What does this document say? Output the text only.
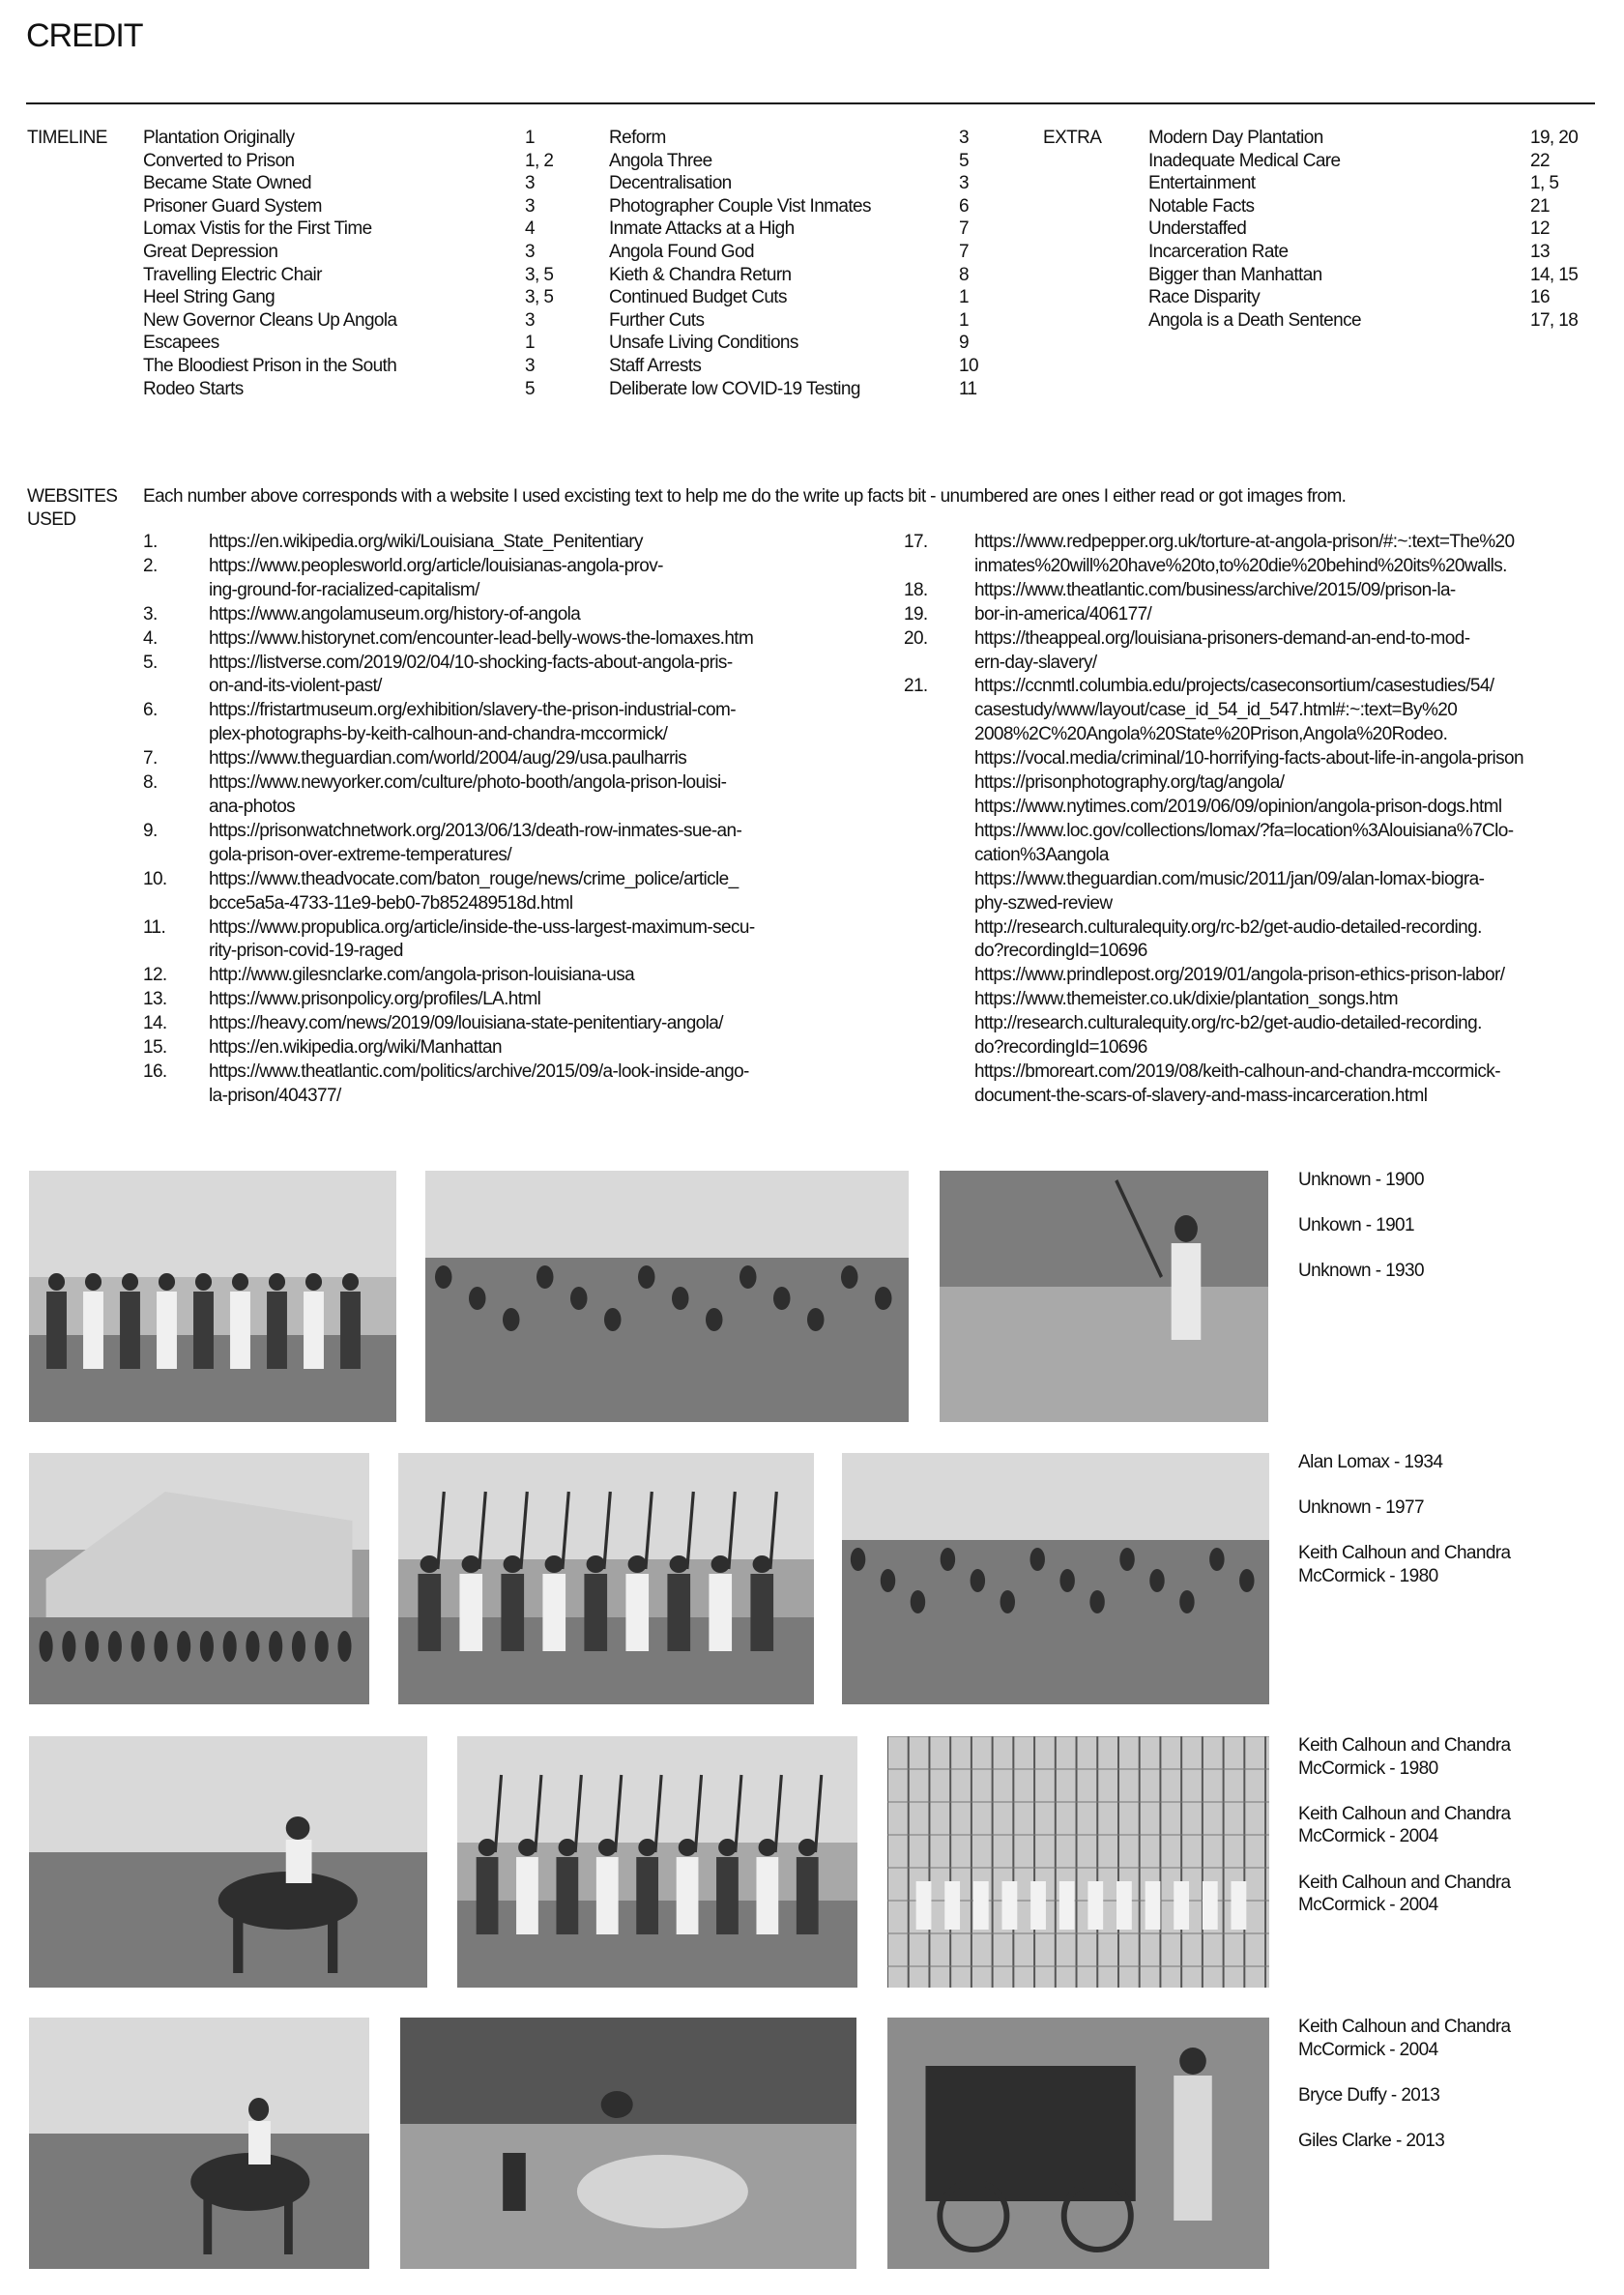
CREDIT
TIMELINE Plantation Originally	1
Converted to Prison	1, 2
Became State Owned	3
Prisoner Guard System	3
Lomax Vistis for the First Time	4
Great Depression	3
Travelling Electric Chair	3, 5
Heel String Gang	3, 5
New Governor Cleans Up Angola	3
Escapees	1
The Bloodiest Prison in the South	3
Rodeo Starts	5
Reform	3
Angola Three	5
Decentralisation	3
Photographer Couple Vist Inmates	6
Inmate Attacks at a High	7
Angola Found God	7
Kieth & Chandra Return	8
Continued Budget Cuts	1
Further Cuts	1
Unsafe Living Conditions	9
Staff Arrests	10
Deliberate low COVID-19 Testing	11
EXTRA	Modern Day Plantation	19, 20
Inadequate Medical Care	22
Entertainment	1, 5
Notable Facts	21
Understaffed	12
Incarceration Rate	13
Bigger than Manhattan	14, 15
Race Disparity	16
Angola is a Death Sentence	17, 18
WEBSITES
USED
Each number above corresponds with a website I used excisting text to help me do the write up facts bit - unumbered are ones I either read or got images from.
1.	https://en.wikipedia.org/wiki/Louisiana_State_Penitentiary
2.	https://www.peoplesworld.org/article/louisianas-angola-prov-
ing-ground-for-racialized-capitalism/
3.	https://www.angolamuseum.org/history-of-angola
4.	https://www.historynet.com/encounter-lead-belly-wows-the-lomaxes.htm
5.	https://listverse.com/2019/02/04/10-shocking-facts-about-angola-pris-
on-and-its-violent-past/
6.	https://fristartmuseum.org/exhibition/slavery-the-prison-industrial-com-
plex-photographs-by-keith-calhoun-and-chandra-mccormick/
7.	https://www.theguardian.com/world/2004/aug/29/usa.paulharris
8.	https://www.newyorker.com/culture/photo-booth/angola-prison-louisi-
ana-photos
9.	https://prisonwatchnetwork.org/2013/06/13/death-row-inmates-sue-an-
gola-prison-over-extreme-temperatures/
10. https://www.theadvocate.com/baton_rouge/news/crime_police/article_
bcce5a5a-4733-11e9-beb0-7b852489518d.html
11. https://www.propublica.org/article/inside-the-uss-largest-maximum-secu-
rity-prison-covid-19-raged
12. http://www.gilesnclarke.com/angola-prison-louisiana-usa
13. https://www.prisonpolicy.org/profiles/LA.html
14. https://heavy.com/news/2019/09/louisiana-state-penitentiary-angola/
15. https://en.wikipedia.org/wiki/Manhattan
16. https://www.theatlantic.com/politics/archive/2015/09/a-look-inside-ango-
la-prison/404377/
17.	https://www.redpepper.org.uk/torture-at-angola-prison/#:~:text=The%20
inmates%20will%20have%20to,to%20die%20behind%20its%20walls.
18.	https://www.theatlantic.com/business/archive/2015/09/prison-la-
19.	bor-in-america/406177/
20.	https://theappeal.org/louisiana-prisoners-demand-an-end-to-mod-
ern-day-slavery/
21.	https://ccnmtl.columbia.edu/projects/caseconsortium/casestudies/54/
casestudy/www/layout/case_id_54_id_547.html#:~:text=By%20
2008%2C%20Angola%20State%20Prison,Angola%20Rodeo.
https://vocal.media/criminal/10-horrifying-facts-about-life-in-angola-prison
https://prisonphotography.org/tag/angola/
https://www.nytimes.com/2019/06/09/opinion/angola-prison-dogs.html
https://www.loc.gov/collections/lomax/?fa=location%3Alouisiana%7Clo-
cation%3Aangola
https://www.theguardian.com/music/2011/jan/09/alan-lomax-biogra-
phy-szwed-review
http://research.culturalequity.org/rc-b2/get-audio-detailed-recording.
do?recordingId=10696
https://www.prindlepost.org/2019/01/angola-prison-ethics-prison-labor/
https://www.themeister.co.uk/dixie/plantation_songs.htm
http://research.culturalequity.org/rc-b2/get-audio-detailed-recording.
do?recordingId=10696
https://bmoreart.com/2019/08/keith-calhoun-and-chandra-mccormick-
document-the-scars-of-slavery-and-mass-incarceration.html
Unknown - 1900
Unkown - 1901
Unknown - 1930
Alan Lomax - 1934
Unknown - 1977
Keith Calhoun and Chandra
McCormick - 1980
Keith Calhoun and Chandra
McCormick - 1980
Keith Calhoun and Chandra
McCormick - 2004
Keith Calhoun and Chandra
McCormick - 2004
Keith Calhoun and Chandra
McCormick - 2004
Bryce Duffy - 2013
Giles Clarke - 2013
